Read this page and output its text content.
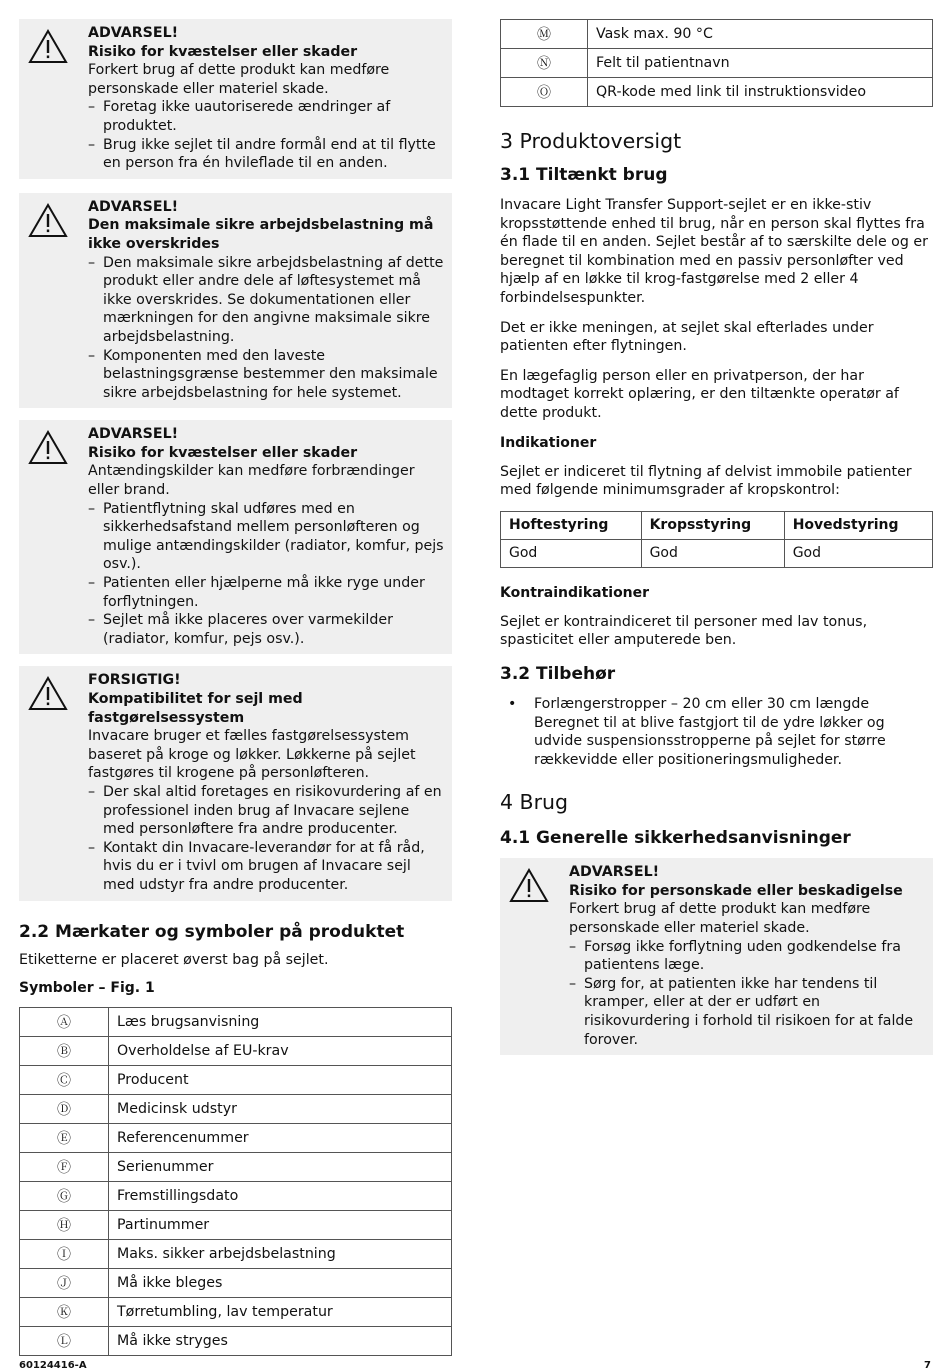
ADVARSEL!
Risiko for kvæstelser eller skader
Forkert brug af dette produkt kan medføre personskade eller materiel skade.
– Foretag ikke uautoriserede ændringer af produktet.
– Brug ikke sejlet til andre formål end at til flytte en person fra én hvileflade til en anden.
ADVARSEL!
Den maksimale sikre arbejdsbelastning må ikke overskrides
– Den maksimale sikre arbejdsbelastning af dette produkt eller andre dele af løftesystemet må ikke overskrides. Se dokumentationen eller mærkningen for den angivne maksimale sikre arbejdsbelastning.
– Komponenten med den laveste belastningsgrænse bestemmer den maksimale sikre arbejdsbelastning for hele systemet.
ADVARSEL!
Risiko for kvæstelser eller skader
Antændingskilder kan medføre forbrændinger eller brand.
– Patientflytning skal udføres med en sikkerhedsafstand mellem personløfteren og mulige antændingskilder (radiator, komfur, pejs osv.).
– Patienten eller hjælperne må ikke ryge under forflytningen.
– Sejlet må ikke placeres over varmekilder (radiator, komfur, pejs osv.).
FORSIGTIG!
Kompatibilitet for sejl med fastgørelsessystem
Invacare bruger et fælles fastgørelsessystem baseret på kroge og løkker. Løkkerne på sejlet fastgøres til krogene på personløfteren.
– Der skal altid foretages en risikovurdering af en professionel inden brug af Invacare sejlene med personløftere fra andre producenter.
– Kontakt din Invacare-leverandør for at få råd, hvis du er i tvivl om brugen af Invacare sejl med udstyr fra andre producenter.
2.2 Mærkater og symboler på produktet

Etiketterne er placeret øverst bag på sejlet.

Symboler – Fig. 1
Ⓐ	Læs brugsanvisning
Ⓑ	Overholdelse af EU-krav
Ⓒ	Producent
Ⓓ	Medicinsk udstyr
Ⓔ	Referencenummer
Ⓕ	Serienummer
Ⓖ	Fremstillingsdato
Ⓗ	Partinummer
Ⓘ	Maks. sikker arbejdsbelastning
Ⓙ	Må ikke bleges
Ⓚ	Tørretumbling, lav temperatur
Ⓛ	Må ikke stryges
Ⓜ	Vask max. 90 °C
Ⓝ	Felt til patientnavn
Ⓞ	QR-kode med link til instruktionsvideo
3 Produktoversigt
3.1 Tiltænkt brug

Invacare Light Transfer Support-sejlet er en ikke-stiv kropsstøttende enhed til brug, når en person skal flyttes fra én flade til en anden. Sejlet består af to særskilte dele og er beregnet til kombination med en passiv personløfter ved hjælp af en løkke til krog-fastgørelse med 2 eller 4 forbindelsespunkter.

Det er ikke meningen, at sejlet skal efterlades under patienten efter flytningen.

En lægefaglig person eller en privatperson, der har modtaget korrekt oplæring, er den tiltænkte operatør af dette produkt.

Indikationer

Sejlet er indiceret til flytning af delvist immobile patienter med følgende minimumsgrader af kropskontrol:

Hoftestyring	Kropsstyring	Hovedstyring
God	God	God
Kontraindikationer

Sejlet er kontraindiceret til personer med lav tonus, spasticitet eller amputerede ben.

3.2 Tilbehør
• Forlængerstropper – 20 cm eller 30 cm længde
Beregnet til at blive fastgjort til de ydre løkker og udvide suspensionsstropperne på sejlet for større rækkevidde eller positioneringsmuligheder.
4 Brug
4.1 Generelle sikkerhedsanvisninger
ADVARSEL!
Risiko for personskade eller beskadigelse
Forkert brug af dette produkt kan medføre personskade eller materiel skade.
– Forsøg ikke forflytning uden godkendelse fra patientens læge.
– Sørg for, at patienten ikke har tendens til kramper, eller at der er udført en risikovurdering i forhold til risikoen for at falde forover.
60124416-A	7
